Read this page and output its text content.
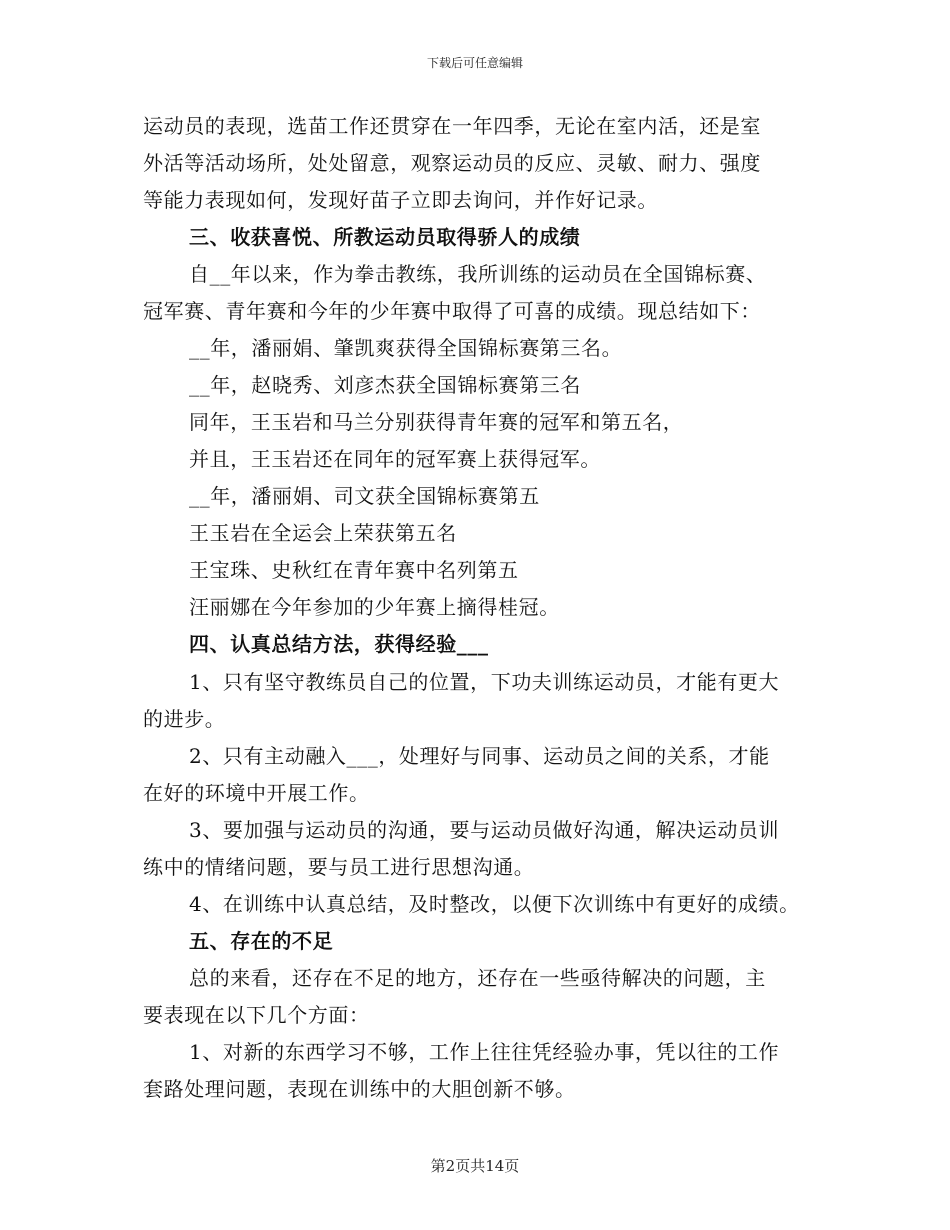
下载后可任意编辑
运动员的表现，选苗工作还贯穿在一年四季，无论在室内活，还是室
外活等活动场所，处处留意，观察运动员的反应、灵敏、耐力、强度
等能力表现如何，发现好苗子立即去询问，并作好记录。
三、收获喜悦、所教运动员取得骄人的成绩
自__年以来，作为拳击教练，我所训练的运动员在全国锦标赛、
冠军赛、青年赛和今年的少年赛中取得了可喜的成绩。现总结如下：
__年，潘丽娟、肇凯爽获得全国锦标赛第三名。
__年，赵晓秀、刘彦杰获全国锦标赛第三名
同年，王玉岩和马兰分别获得青年赛的冠军和第五名，
并且，王玉岩还在同年的冠军赛上获得冠军。
__年，潘丽娟、司文获全国锦标赛第五
王玉岩在全运会上荣获第五名
王宝珠、史秋红在青年赛中名列第五
汪丽娜在今年参加的少年赛上摘得桂冠。
四、认真总结方法，获得经验___
1、只有坚守教练员自己的位置，下功夫训练运动员，才能有更大
的进步。
2、只有主动融入___，处理好与同事、运动员之间的关系，才能
在好的环境中开展工作。
3、要加强与运动员的沟通，要与运动员做好沟通，解决运动员训
练中的情绪问题，要与员工进行思想沟通。
4、在训练中认真总结，及时整改，以便下次训练中有更好的成绩。
五、存在的不足
总的来看，还存在不足的地方，还存在一些亟待解决的问题，主
要表现在以下几个方面：
1、对新的东西学习不够，工作上往往凭经验办事，凭以往的工作
套路处理问题，表现在训练中的大胆创新不够。
第2页共14页
